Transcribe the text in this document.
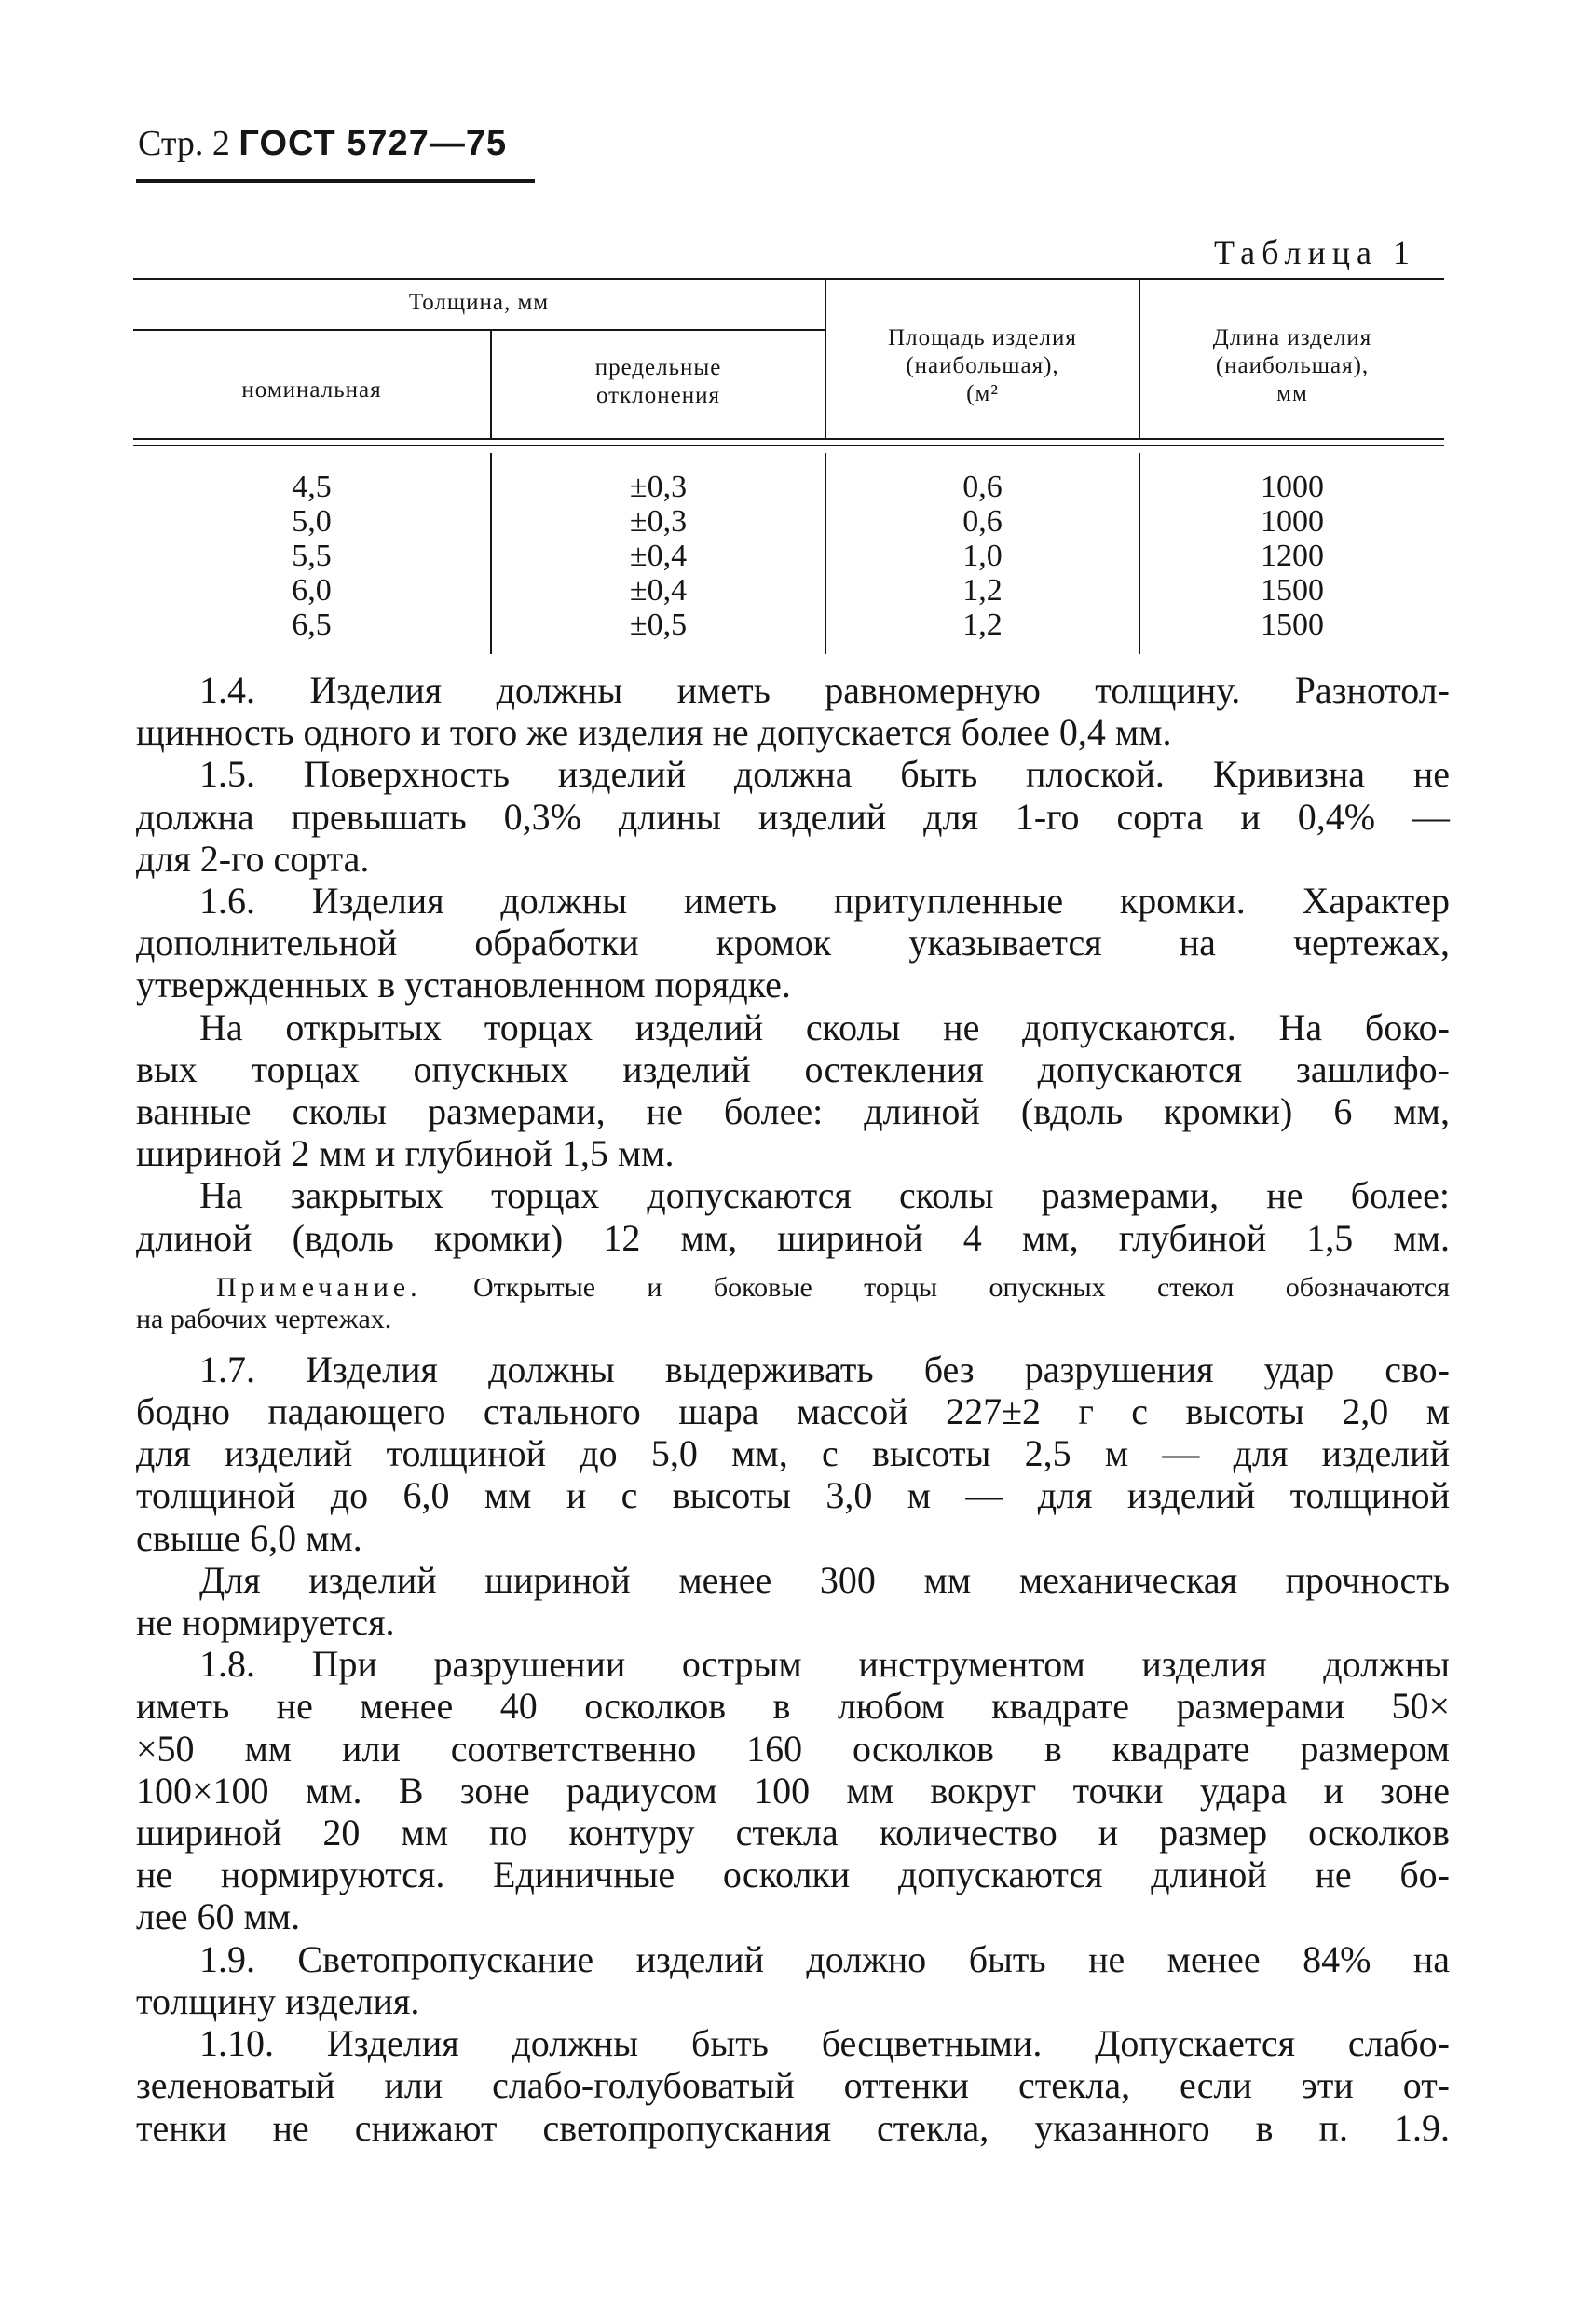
Стр. 2 ГОСТ 5727—75
Таблица 1
Толщина, мм
номинальная
предельные
отклонения
Площадь изделия
(наибольшая),
(м²
Длина изделия
(наибольшая),
мм
4,5
5,0
5,5
6,0
6,5
±0,3
±0,3
±0,4
±0,4
±0,5
0,6
0,6
1,0
1,2
1,2
1000
1000
1200
1500
1500

1.4. Изделия должны иметь равномерную толщину. Разнотол-

щинность одного и того же изделия не допускается более 0,4 мм.

1.5. Поверхность изделий должна быть плоской. Кривизна не

должна превышать 0,3% длины изделий для 1-го сорта и 0,4% —

для 2-го сорта.

1.6. Изделия должны иметь притупленные кромки. Характер

дополнительной обработки кромок указывается на чертежах,

утвержденных в установленном порядке.

На открытых торцах изделий сколы не допускаются. На боко-

вых торцах опускных изделий остекления допускаются зашлифо-

ванные сколы размерами, не более: длиной (вдоль кромки) 6 мм,

шириной 2 мм и глубиной 1,5 мм.

На закрытых торцах допускаются сколы размерами, не более:

длиной (вдоль кромки) 12 мм, шириной 4 мм, глубиной 1,5 мм.

Примечание. Открытые и боковые торцы опускных стекол обозначаются

на рабочих чертежах.

1.7. Изделия должны выдерживать без разрушения удар сво-

бодно падающего стального шара массой 227±2 г с высоты 2,0 м

для изделий толщиной до 5,0 мм, с высоты 2,5 м — для изделий

толщиной до 6,0 мм и с высоты 3,0 м — для изделий толщиной

свыше 6,0 мм.

Для изделий шириной менее 300 мм механическая прочность

не нормируется.

1.8. При разрушении острым инструментом изделия должны

иметь не менее 40 осколков в любом квадрате размерами 50×

×50 мм или соответственно 160 осколков в квадрате размером

100×100 мм. В зоне радиусом 100 мм вокруг точки удара и зоне

шириной 20 мм по контуру стекла количество и размер осколков

не нормируются. Единичные осколки допускаются длиной не бо-

лее 60 мм.

1.9. Светопропускание изделий должно быть не менее 84% на

толщину изделия.

1.10. Изделия должны быть бесцветными. Допускается слабо-

зеленоватый или слабо-голубоватый оттенки стекла, если эти от-

тенки не снижают светопропускания стекла, указанного в п. 1.9.
